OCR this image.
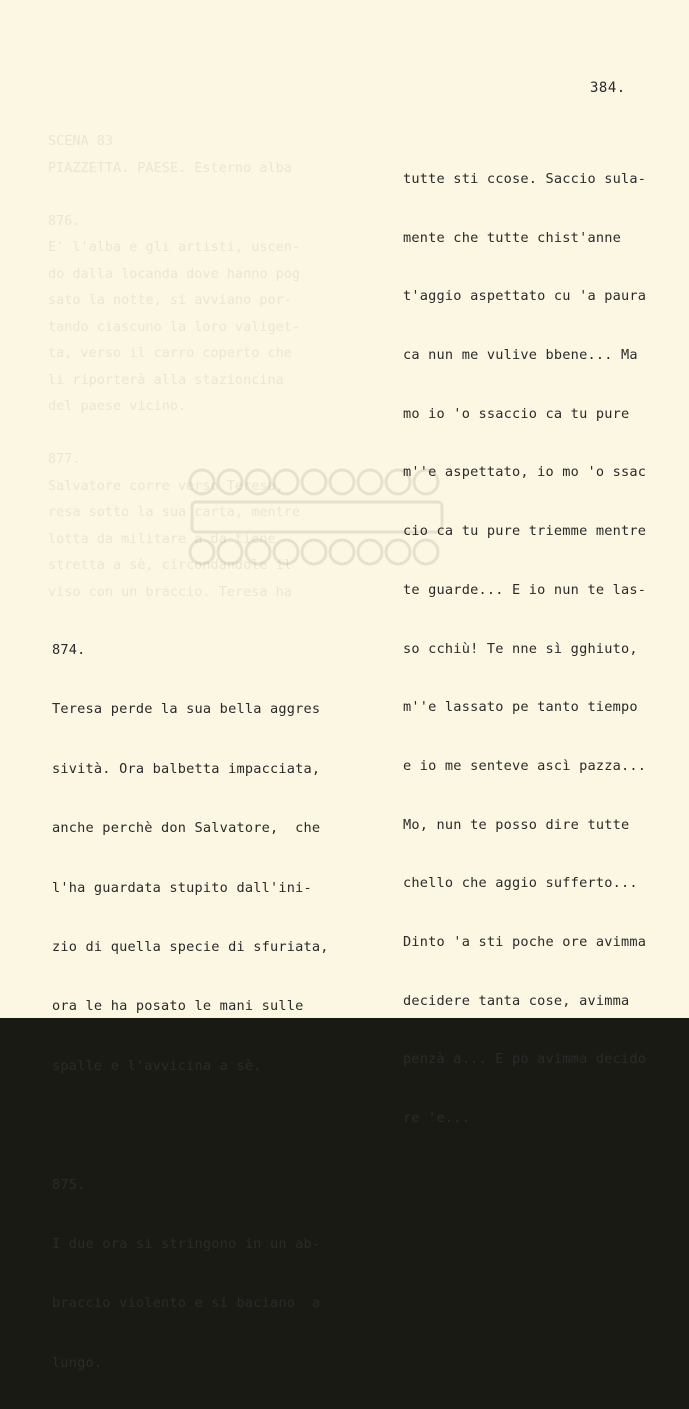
SCENA 83
PIAZZETTA. PAESE. Esterno alba

876.
E' l'alba e gli artisti, uscen-
do dalla locanda dove hanno pog
sato la notte, si avviano por-
tando ciascuno la loro valiget-
ta, verso il carro coperto che
li riporterà alla stazioncina
del paese vicino.

877.
Salvatore corre verso Teresa,
resa sotto la sua carta, mentre
lotta da militare a da tiene
stretta a sè, circondandole il
viso con un braccio. Teresa ha
384.

tutte sti ccose. Saccio sula-

mente che tutte chist'anne

t'aggio aspettato cu 'a paura

ca nun me vulive bbene... Ma

mo io 'o ssaccio ca tu pure

m''e aspettato, io mo 'o ssac

cio ca tu pure triemme mentre

te guarde... E io nun te las-

so cchiù! Te nne sì gghiuto,

m''e lassato pe tanto tiempo

e io me senteve ascì pazza...

Mo, nun te posso dire tutte

chello che aggio sufferto...

Dinto 'a sti poche ore avimma

decidere tanta cose, avimma

penzà a... E po avimma decido

re 'e...

874.

Teresa perde la sua bella aggres

sività. Ora balbetta impacciata,

anche perchè don Salvatore,  che

l'ha guardata stupito dall'ini-

zio di quella specie di sfuriata,

ora le ha posato le mani sulle

spalle e l'avvicina a sè.

875.

I due ora si stringono in un ab-

braccio violento e si baciano  a

lungo.
